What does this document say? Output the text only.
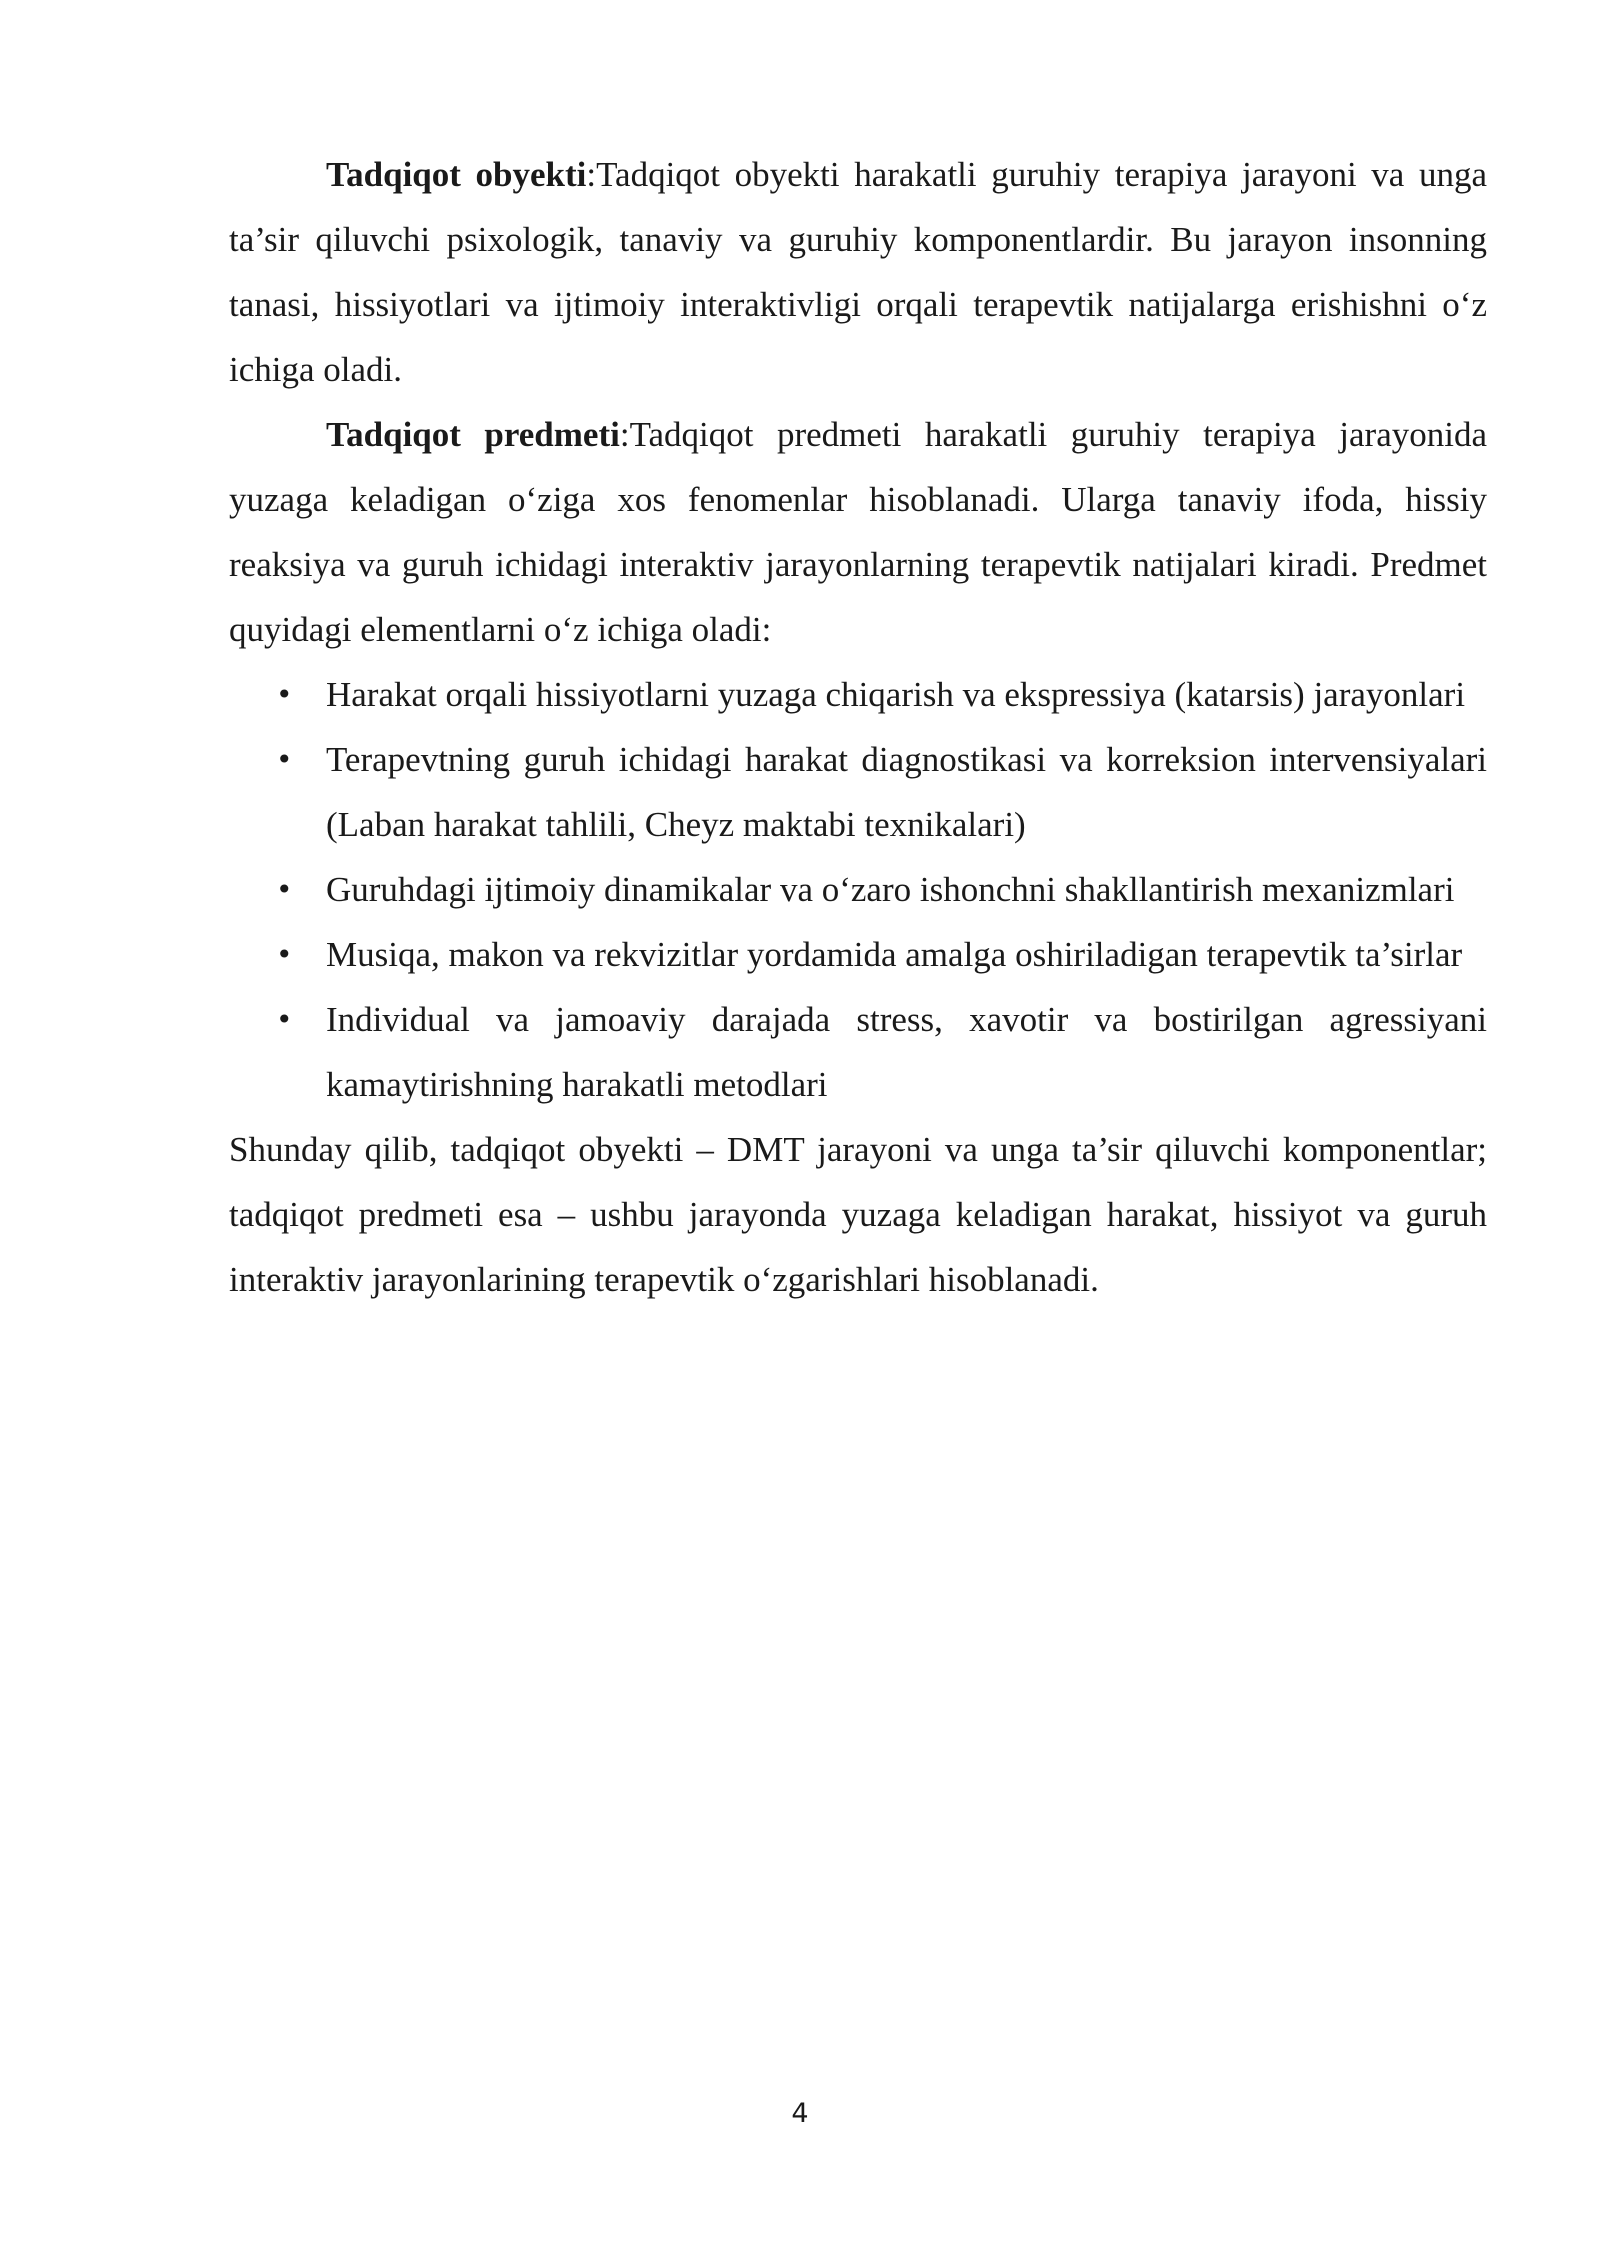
Tadqiqot obyekti:Tadqiqot obyekti harakatli guruhiy terapiya jarayoni va unga ta’sir qiluvchi psixologik, tanaviy va guruhiy komponentlardir. Bu jarayon insonning tanasi, hissiyotlari va ijtimoiy interaktivligi orqali terapevtik natijalarga erishishni o‘z ichiga oladi.

Tadqiqot predmeti:Tadqiqot predmeti harakatli guruhiy terapiya jarayonida yuzaga keladigan o‘ziga xos fenomenlar hisoblanadi. Ularga tanaviy ifoda, hissiy reaksiya va guruh ichidagi interaktiv jarayonlarning terapevtik natijalari kiradi. Predmet quyidagi elementlarni o‘z ichiga oladi:

• Harakat orqali hissiyotlarni yuzaga chiqarish va ekspressiya (katarsis) jarayonlari
• Terapevtning guruh ichidagi harakat diagnostikasi va korreksion intervensiyalari (Laban harakat tahlili, Cheyz maktabi texnikalari)
• Guruhdagi ijtimoiy dinamikalar va o‘zaro ishonchni shakllantirish mexanizmlari
• Musiqa, makon va rekvizitlar yordamida amalga oshiriladigan terapevtik ta’sirlar
• Individual va jamoaviy darajada stress, xavotir va bostirilgan agressiyani kamaytirishning harakatli metodlari

Shunday qilib, tadqiqot obyekti – DMT jarayoni va unga ta’sir qiluvchi komponentlar; tadqiqot predmeti esa – ushbu jarayonda yuzaga keladigan harakat, hissiyot va guruh interaktiv jarayonlarining terapevtik o‘zgarishlari hisoblanadi.

4
